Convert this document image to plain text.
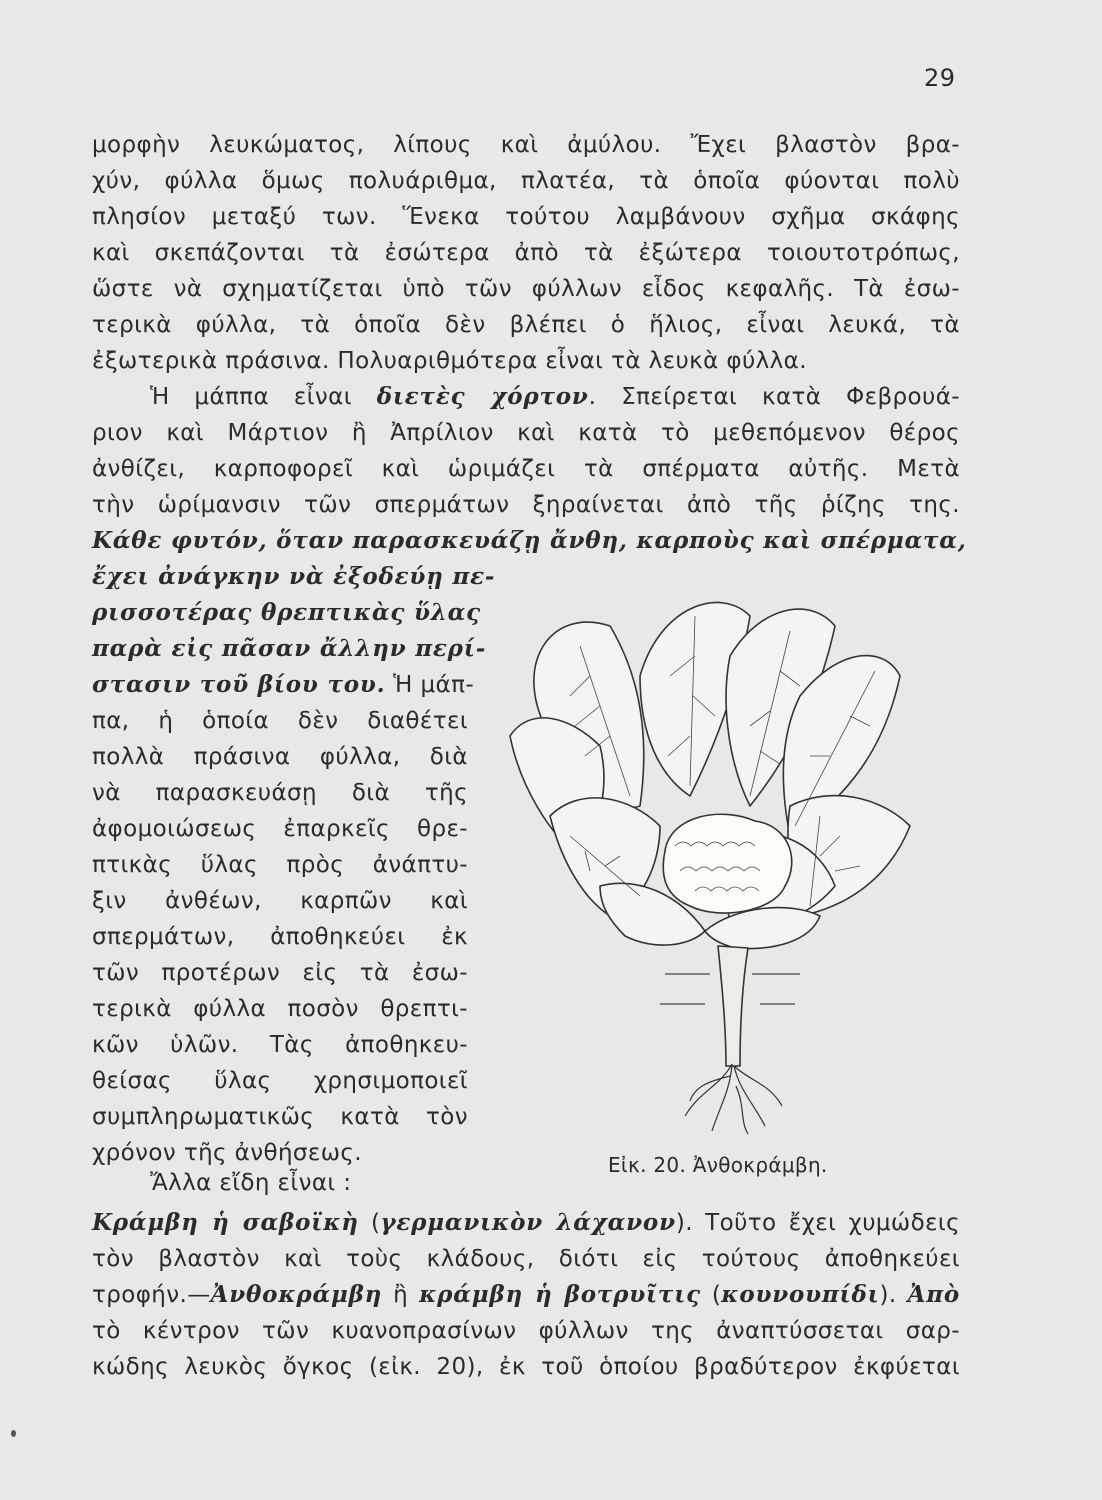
29
μορφὴν λευκώματος, λίπους καὶ ἀμύλου. Ἔχει βλαστὸν βρα-
χύν, φύλλα ὅμως πολυάριθμα, πλατέα, τὰ ὁποῖα φύονται πολὺ
πλησίον μεταξύ των. Ἕνεκα τούτου λαμβάνουν σχῆμα σκάφης
καὶ σκεπάζονται τὰ ἐσώτερα ἀπὸ τὰ ἐξώτερα τοιουτοτρόπως,
ὥστε νὰ σχηματίζεται ὑπὸ τῶν φύλλων εἶδος κεφαλῆς. Τὰ ἐσω-
τερικὰ φύλλα, τὰ ὁποῖα δὲν βλέπει ὁ ἥλιος, εἶναι λευκά, τὰ
ἐξωτερικὰ πράσινα. Πολυαριθμότερα εἶναι τὰ λευκὰ φύλλα.
Ἡ μάππα εἶναι διετὲς χόρτον. Σπείρεται κατὰ Φεβρουά-
ριον καὶ Μάρτιον ἢ Ἀπρίλιον καὶ κατὰ τὸ μεθεπόμενον θέρος
ἀνθίζει, καρποφορεῖ καὶ ὡριμάζει τὰ σπέρματα αὐτῆς. Μετὰ
τὴν ὡρίμανσιν τῶν σπερμάτων ξηραίνεται ἀπὸ τῆς ῥίζης της.
Κάθε φυτόν, ὅταν παρασκευάζῃ ἄνθη, καρποὺς καὶ σπέρματα,
ἔχει ἀνάγκην νὰ ἐξοδεύῃ πε-
ρισσοτέρας θρεπτικὰς ὕλας
παρὰ εἰς πᾶσαν ἄλλην περί-
στασιν τοῦ βίου του. Ἡ μάπ-
πα, ἡ ὁποία δὲν διαθέτει
πολλὰ πράσινα φύλλα, διὰ
νὰ παρασκευάσῃ διὰ τῆς
ἀφομοιώσεως ἐπαρκεῖς θρε-
πτικὰς ὕλας πρὸς ἀνάπτυ-
ξιν ἀνθέων, καρπῶν καὶ
σπερμάτων, ἀποθηκεύει ἐκ
τῶν προτέρων εἰς τὰ ἐσω-
τερικὰ φύλλα ποσὸν θρεπτι-
κῶν ὑλῶν. Τὰς ἀποθηκευ-
θείσας ὕλας χρησιμοποιεῖ
συμπληρωματικῶς κατὰ τὸν
χρόνον τῆς ἀνθήσεως.	Εἰκ. 20. Ἀνθοκράμβη.
Ἄλλα εἴδη εἶναι :
Κράμβη ἡ σαβοϊκὴ (γερμανικὸν λάχανον). Τοῦτο ἔχει χυμώδεις
τὸν βλαστὸν καὶ τοὺς κλάδους, διότι εἰς τούτους ἀποθηκεύει
τροφήν.—Ἀνθοκράμβη ἢ κράμβη ἡ βοτρυῖτις (κουνουπίδι). Ἀπὸ
τὸ κέντρον τῶν κυανοπρασίνων φύλλων της ἀναπτύσσεται σαρ-
κώδης λευκὸς ὄγκος (εἰκ. 20), ἐκ τοῦ ὁποίου βραδύτερον ἐκφύεται
